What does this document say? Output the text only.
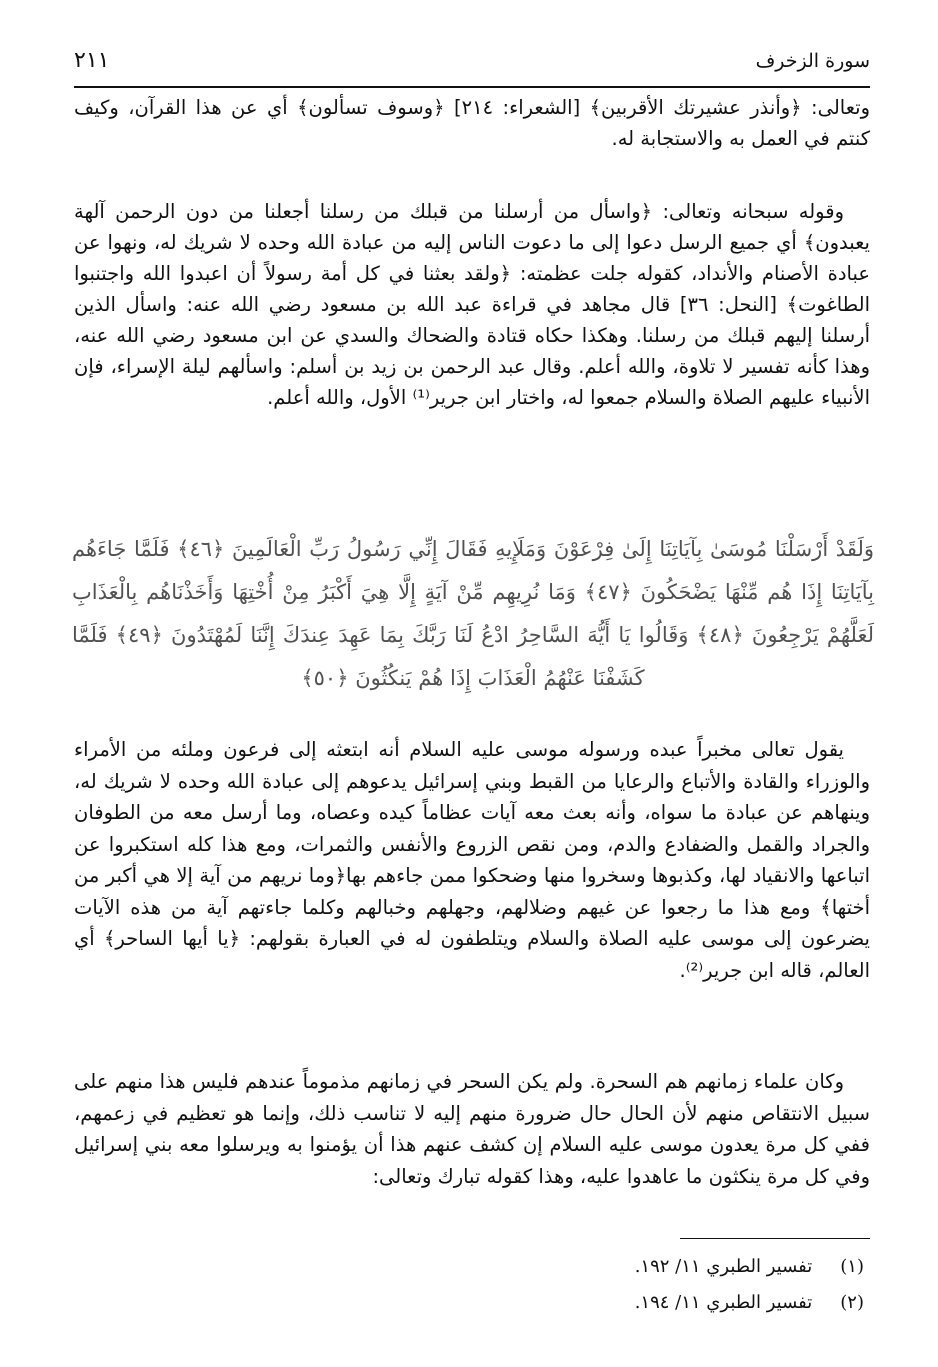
سورة الزخرف
٢١١

وتعالى: ﴿وأنذر عشيرتك الأقربين﴾ [الشعراء: ٢١٤] ﴿وسوف تسألون﴾ أي عن هذا القرآن، وكيف كنتم في العمل به والاستجابة له.

وقوله سبحانه وتعالى: ﴿واسأل من أرسلنا من قبلك من رسلنا أجعلنا من دون الرحمن آلهة يعبدون﴾ أي جميع الرسل دعوا إلى ما دعوت الناس إليه من عبادة الله وحده لا شريك له، ونهوا عن عبادة الأصنام والأنداد، كقوله جلت عظمته: ﴿ولقد بعثنا في كل أمة رسولاً أن اعبدوا الله واجتنبوا الطاغوت﴾ [النحل: ٣٦] قال مجاهد في قراءة عبد الله بن مسعود رضي الله عنه: واسأل الذين أرسلنا إليهم قبلك من رسلنا. وهكذا حكاه قتادة والضحاك والسدي عن ابن مسعود رضي الله عنه، وهذا كأنه تفسير لا تلاوة، والله أعلم. وقال عبد الرحمن بن زيد بن أسلم: واسألهم ليلة الإسراء، فإن الأنبياء عليهم الصلاة والسلام جمعوا له، واختار ابن جرير⁽¹⁾ الأول، والله أعلم.

وَلَقَدْ أَرْسَلْنَا مُوسَىٰ بِآيَاتِنَا إِلَىٰ فِرْعَوْنَ وَمَلَإِيهِ فَقَالَ إِنِّي رَسُولُ رَبِّ الْعَالَمِينَ ﴿٤٦﴾ فَلَمَّا جَاءَهُم بِآيَاتِنَا إِذَا هُم مِّنْهَا يَضْحَكُونَ ﴿٤٧﴾ وَمَا نُرِيهِم مِّنْ آيَةٍ إِلَّا هِيَ أَكْبَرُ مِنْ أُخْتِهَا وَأَخَذْنَاهُم بِالْعَذَابِ لَعَلَّهُمْ يَرْجِعُونَ ﴿٤٨﴾ وَقَالُوا يَا أَيُّهَ السَّاحِرُ ادْعُ لَنَا رَبَّكَ بِمَا عَهِدَ عِندَكَ إِنَّنَا لَمُهْتَدُونَ ﴿٤٩﴾ فَلَمَّا كَشَفْنَا عَنْهُمُ الْعَذَابَ إِذَا هُمْ يَنكُثُونَ ﴿٥٠﴾

يقول تعالى مخبراً عبده ورسوله موسى عليه السلام أنه ابتعثه إلى فرعون وملئه من الأمراء والوزراء والقادة والأتباع والرعايا من القبط وبني إسرائيل يدعوهم إلى عبادة الله وحده لا شريك له، وينهاهم عن عبادة ما سواه، وأنه بعث معه آيات عظاماً كيده وعصاه، وما أرسل معه من الطوفان والجراد والقمل والضفادع والدم، ومن نقص الزروع والأنفس والثمرات، ومع هذا كله استكبروا عن اتباعها والانقياد لها، وكذبوها وسخروا منها وضحكوا ممن جاءهم بها﴿وما نريهم من آية إلا هي أكبر من أختها﴾ ومع هذا ما رجعوا عن غيهم وضلالهم، وجهلهم وخبالهم وكلما جاءتهم آية من هذه الآيات يضرعون إلى موسى عليه الصلاة والسلام ويتلطفون له في العبارة بقولهم: ﴿يا أيها الساحر﴾ أي العالم، قاله ابن جرير⁽²⁾.

وكان علماء زمانهم هم السحرة. ولم يكن السحر في زمانهم مذموماً عندهم فليس هذا منهم على سبيل الانتقاص منهم لأن الحال حال ضرورة منهم إليه لا تناسب ذلك، وإنما هو تعظيم في زعمهم، ففي كل مرة يعدون موسى عليه السلام إن كشف عنهم هذا أن يؤمنوا به ويرسلوا معه بني إسرائيل وفي كل مرة ينكثون ما عاهدوا عليه، وهذا كقوله تبارك وتعالى:

(١) تفسير الطبري ١١/ ١٩٢.
(٢) تفسير الطبري ١١/ ١٩٤.
